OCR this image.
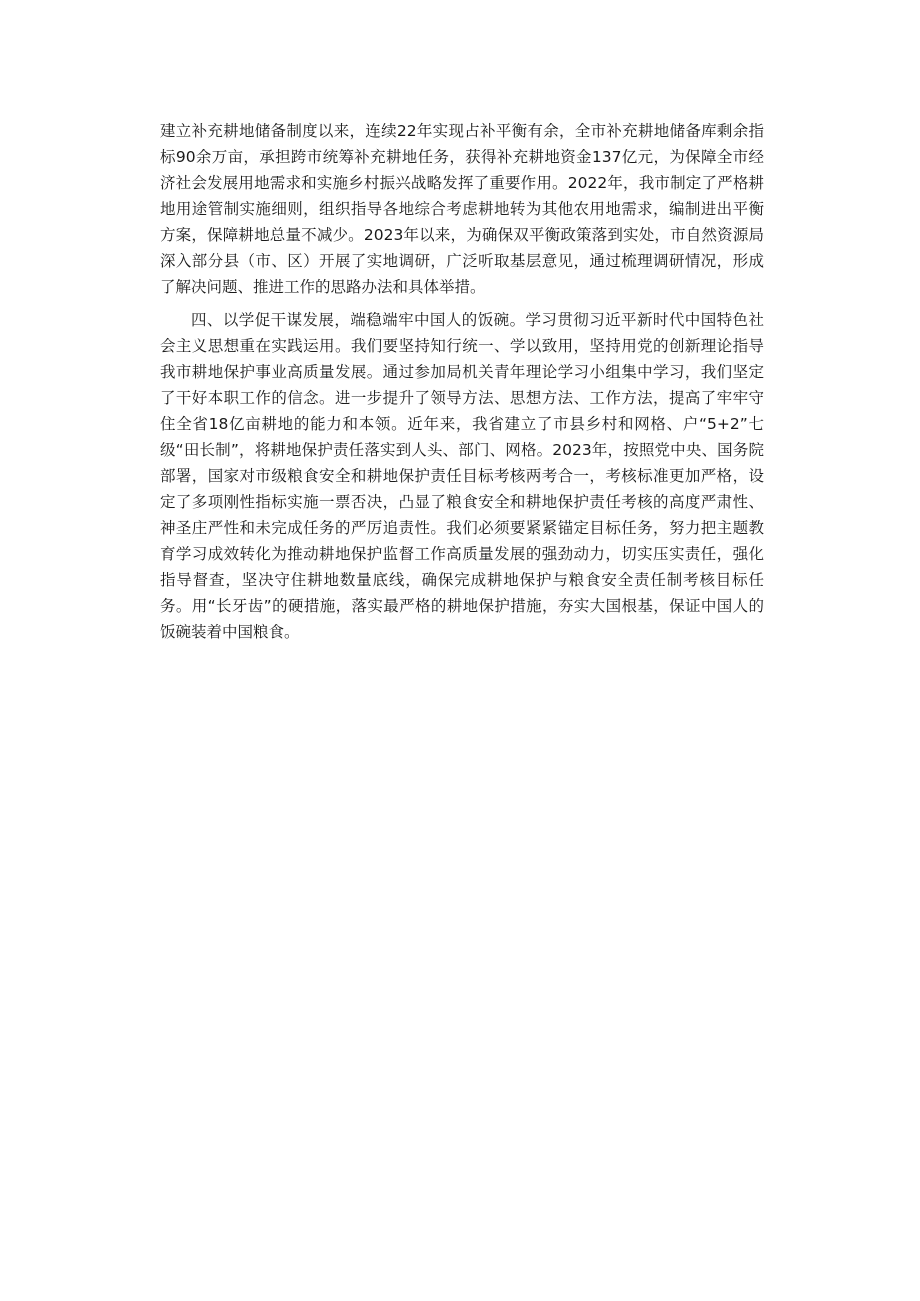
建立补充耕地储备制度以来，连续22年实现占补平衡有余，全市补充耕地储备库剩余指标90余万亩，承担跨市统筹补充耕地任务，获得补充耕地资金137亿元，为保障全市经济社会发展用地需求和实施乡村振兴战略发挥了重要作用。2022年，我市制定了严格耕地用途管制实施细则，组织指导各地综合考虑耕地转为其他农用地需求，编制进出平衡方案，保障耕地总量不减少。2023年以来，为确保双平衡政策落到实处，市自然资源局深入部分县（市、区）开展了实地调研，广泛听取基层意见，通过梳理调研情况，形成了解决问题、推进工作的思路办法和具体举措。

四、以学促干谋发展，端稳端牢中国人的饭碗。学习贯彻习近平新时代中国特色社会主义思想重在实践运用。我们要坚持知行统一、学以致用，坚持用党的创新理论指导我市耕地保护事业高质量发展。通过参加局机关青年理论学习小组集中学习，我们坚定了干好本职工作的信念。进一步提升了领导方法、思想方法、工作方法，提高了牢牢守住全省18亿亩耕地的能力和本领。近年来，我省建立了市县乡村和网格、户“5+2”七级“田长制”，将耕地保护责任落实到人头、部门、网格。2023年，按照党中央、国务院部署，国家对市级粮食安全和耕地保护责任目标考核两考合一，考核标准更加严格，设定了多项刚性指标实施一票否决，凸显了粮食安全和耕地保护责任考核的高度严肃性、神圣庄严性和未完成任务的严厉追责性。我们必须要紧紧锚定目标任务，努力把主题教育学习成效转化为推动耕地保护监督工作高质量发展的强劲动力，切实压实责任，强化指导督查，坚决守住耕地数量底线，确保完成耕地保护与粮食安全责任制考核目标任务。用“长牙齿”的硬措施，落实最严格的耕地保护措施，夯实大国根基，保证中国人的饭碗装着中国粮食。
